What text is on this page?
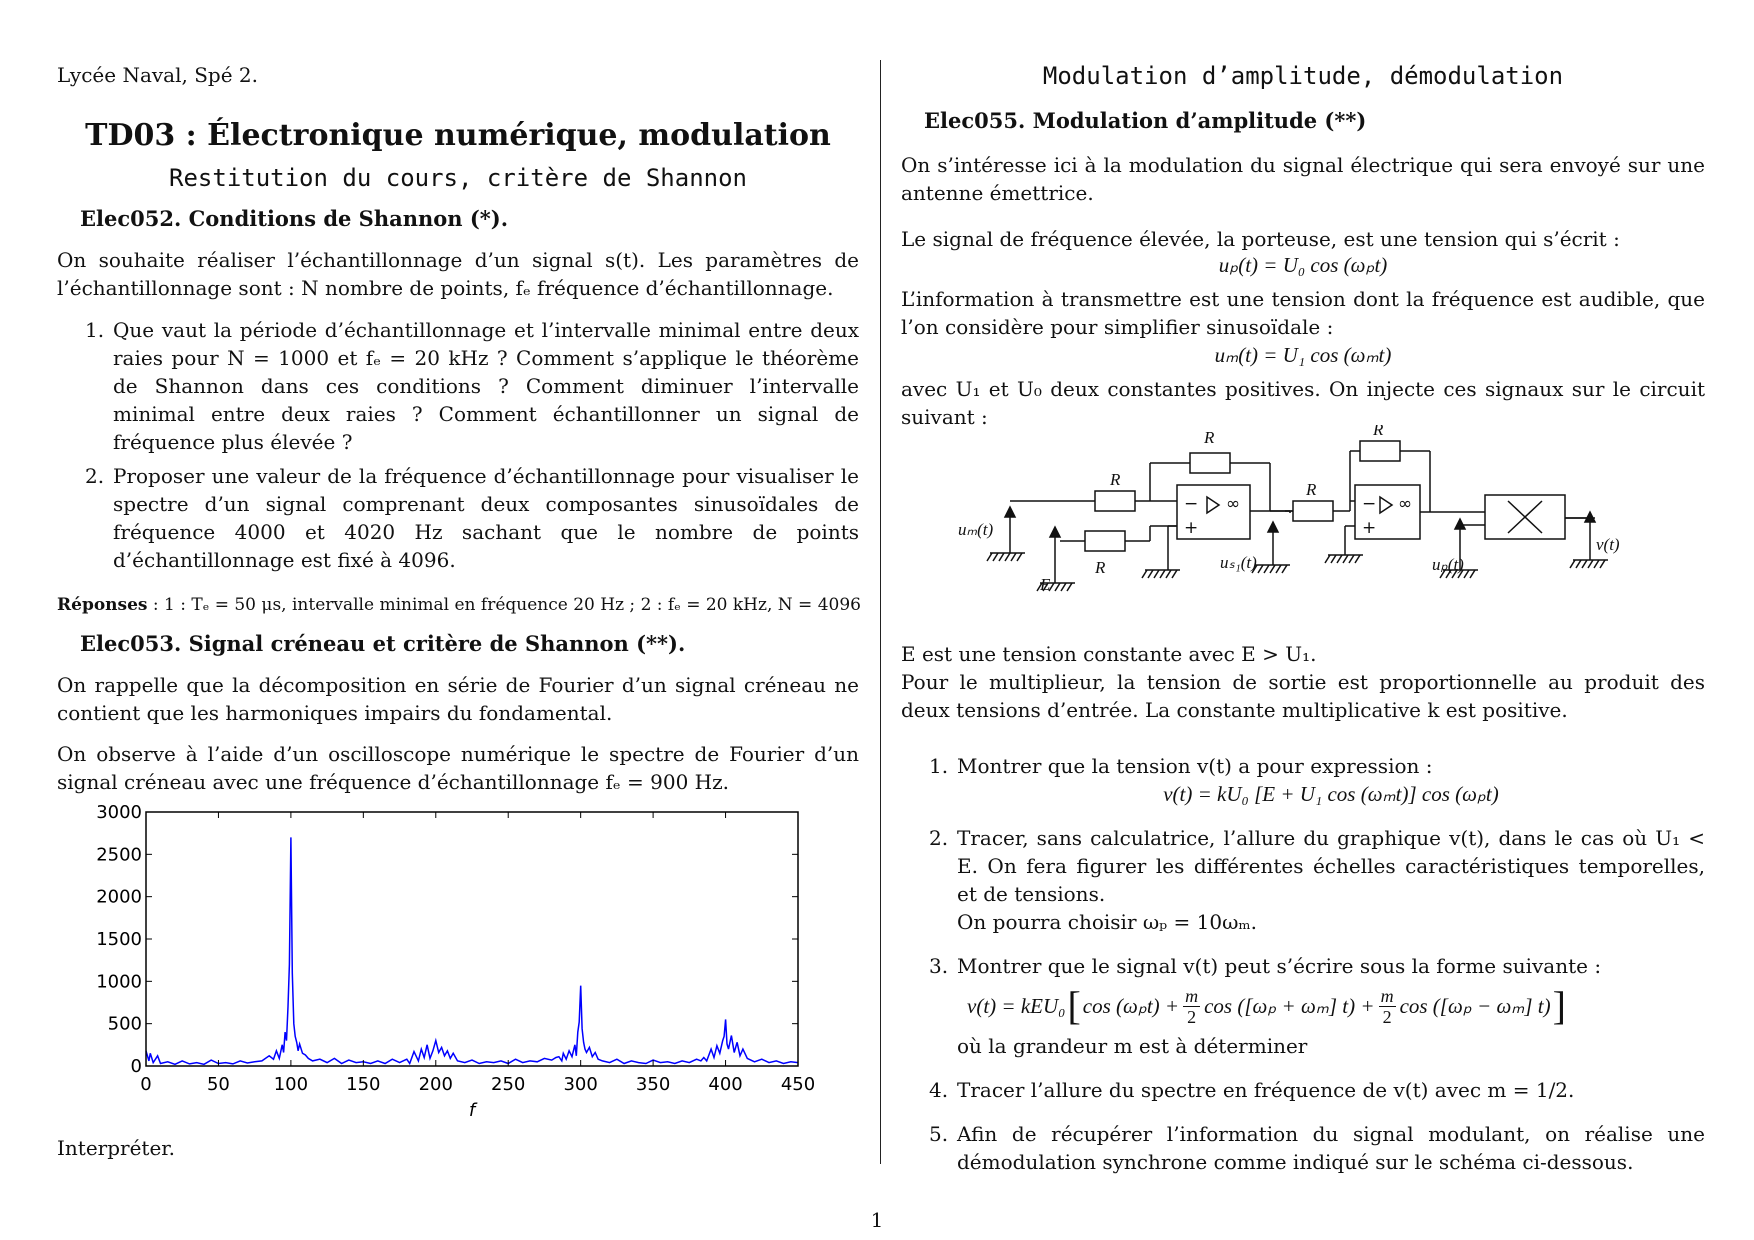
Lycée Naval, Spé 2.
TD03 : Électronique numérique, modulation
Restitution du cours, critère de Shannon
Elec052. Conditions de Shannon (*).

On souhaite réaliser l’échantillonnage d’un signal s(t). Les paramètres de l’échantillonnage sont : N nombre de points, fₑ fréquence d’échantillonnage.

1. Que vaut la période d’échantillonnage et l’intervalle minimal entre deux raies pour N = 1000 et fₑ = 20 kHz ? Comment s’applique le théorème de Shannon dans ces conditions ? Comment diminuer l’intervalle minimal entre deux raies ? Comment échantillonner un signal de fréquence plus élevée ?
2. Proposer une valeur de la fréquence d’échantillonnage pour visualiser le spectre d’un signal comprenant deux composantes sinusoïdales de fréquence 4000 et 4020 Hz sachant que le nombre de points d’échantillonnage est fixé à 4096.
Réponses : 1 : Tₑ = 50 μs, intervalle minimal en fréquence 20 Hz ; 2 : fₑ = 20 kHz, N = 4096
Elec053. Signal créneau et critère de Shannon (**).

On rappelle que la décomposition en série de Fourier d’un signal créneau ne contient que les harmoniques impairs du fondamental.

On observe à l’aide d’un oscilloscope numérique le spectre de Fourier d’un signal créneau avec une fréquence d’échantillonnage fₑ = 900 Hz.

Interpréter.
0	50 100 150 200 250 300 350 400 450
0
500
1000
1500
2000
2500
3000
f
Modulation d’amplitude, démodulation
Elec055. Modulation d’amplitude (**)

On s’intéresse ici à la modulation du signal électrique qui sera envoyé sur une antenne émettrice.

Le signal de fréquence élevée, la porteuse, est une tension qui s’écrit :

uₚ(t) = U₀ cos (ωₚt)

L’information à transmettre est une tension dont la fréquence est audible, que l’on considère pour simplifier sinusoïdale :

uₘ(t) = U₁ cos (ωₘt)

avec U₁ et U₀ deux constantes positives. On injecte ces signaux sur le circuit suivant :

E est une tension constante avec E > U₁.

Pour le multiplieur, la tension de sortie est proportionnelle au produit des deux tensions d’entrée. La constante multiplicative k est positive.

1. Montrer que la tension v(t) a pour expression :
v(t) = kU₀ [E + U₁ cos (ωₘt)] cos (ωₚt)
2. Tracer, sans calculatrice, l’allure du graphique v(t), dans le cas où U₁ < E. On fera figurer les différentes échelles caractéristiques temporelles, et de tensions.
On pourra choisir ωₚ = 10ωₘ.
3. Montrer que le signal v(t) peut s’écrire sous la forme suivante :
v(t) = kEU₀ [ $\cos (\omega_pt) + \frac{m}{2}$ cos ([ωₚ + ωₘ] $t) + \frac{m}{2}$ cos ([ωₚ − ωₘ] t) ]
où la grandeur m est à déterminer
4. Tracer l’allure du spectre en fréquence de v(t) avec m = 1/2.
5. Afin de récupérer l’information du signal modulant, on réalise une démodulation synchrone comme indiqué sur le schéma ci-dessous.
−
+
∞	−
+
∞
R
R
R
R
R
uₘ(t)
E
uₛ₁(t)	uₚ(t)
v(t)
1
